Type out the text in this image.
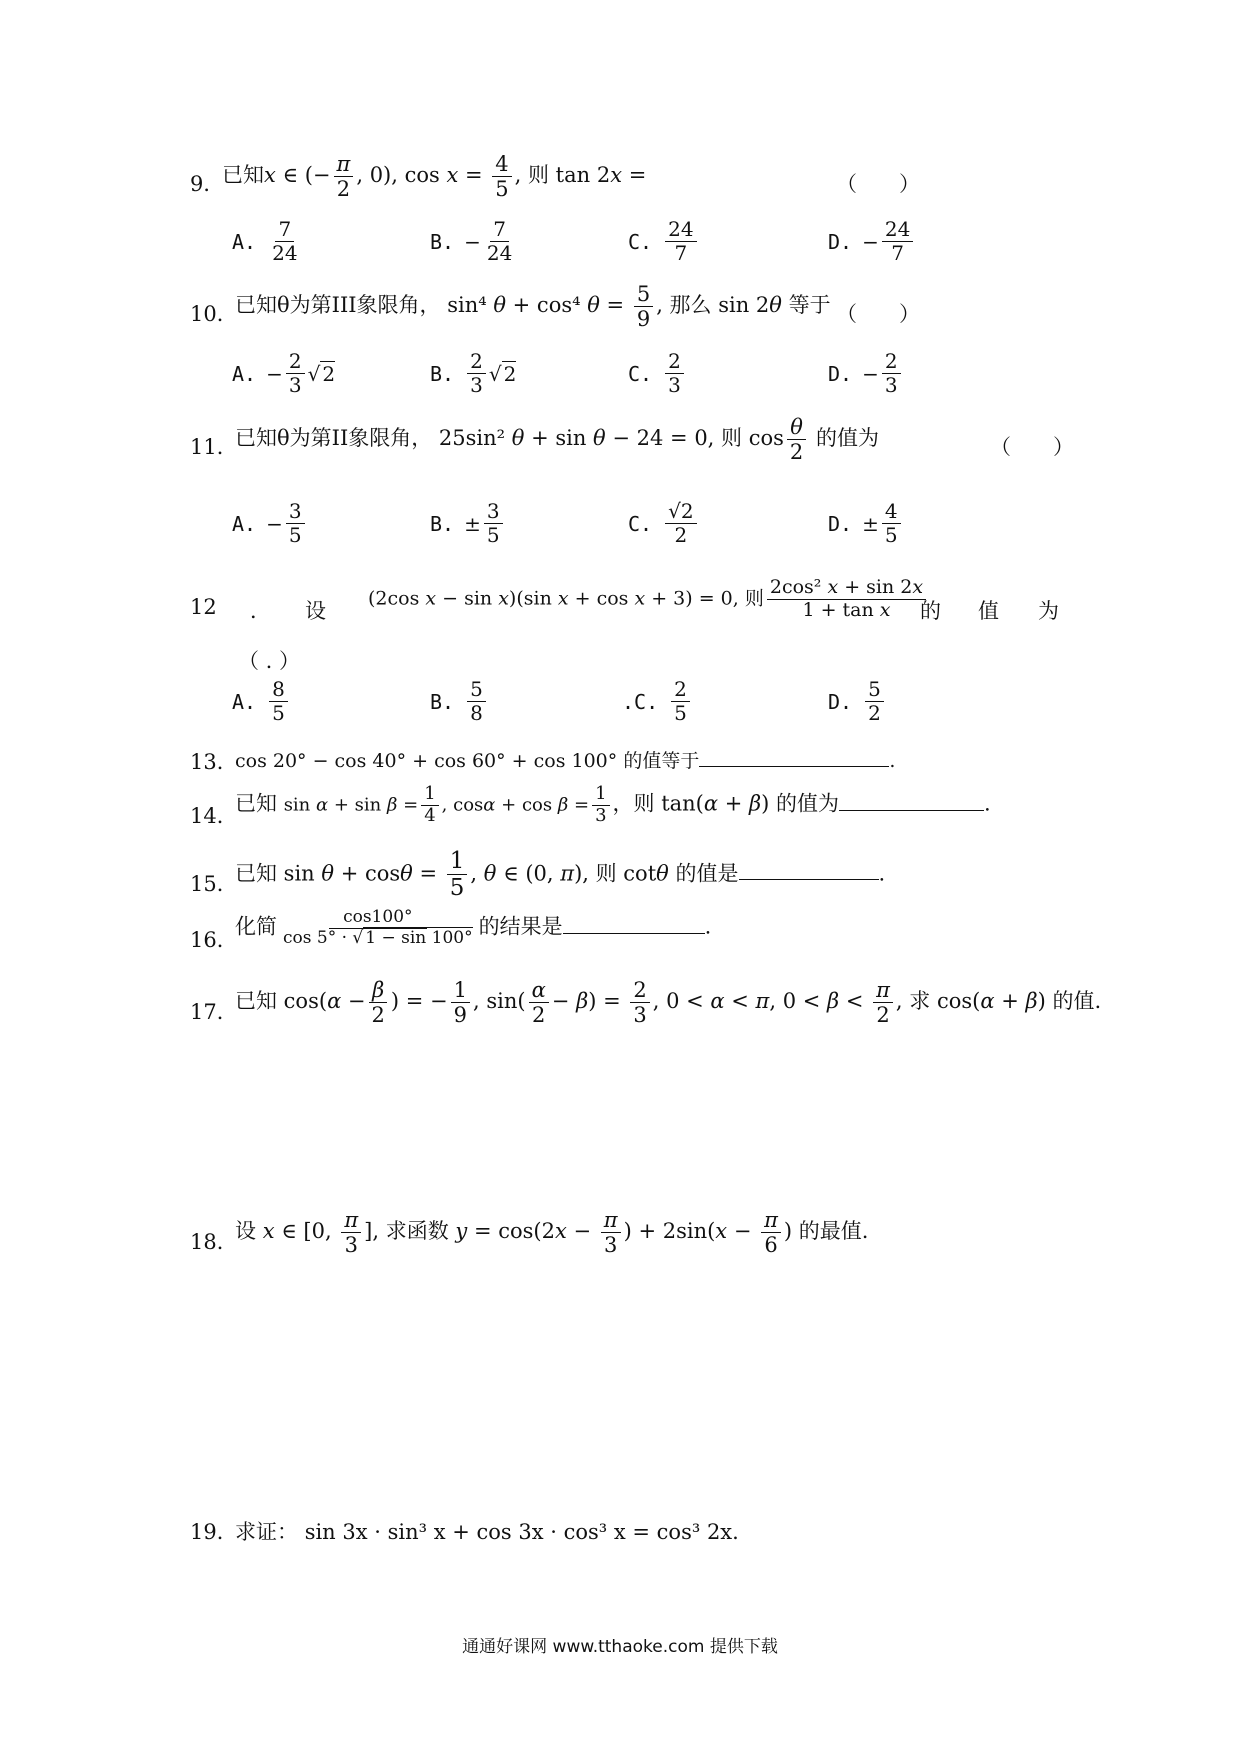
9．
已知x ∈ (− $\frac{\pi}{2}$ , 0), $\cos x = \frac{4}{5}$ , 则 tan 2x =	（　　）
A. $\frac{7}{24}$	B. − $\frac{7}{24}$	C. $\frac{24}{7}$	D. − $\frac{24}{7}$
10．
已知θ为第III象限角， sin⁴ θ + cos⁴ $\theta = \frac{5}{9}$ , 那么 sin 2θ 等于 （　　）
A. − $\frac{2}{3}$ √ 2	B. $\frac{2}{3}$ √ 2	C. $\frac{2}{3}$	D. − $\frac{2}{3}$
11．
已知θ为第II象限角， 25sin² θ + sin θ − 24 = 0, 则 $\cos \frac{\theta}{2}$ 的值为	（　　）
A. − $\frac{3}{5}$	B. ± $\frac{3}{5}$	C. $\frac{√2}{2}$	D. ± $\frac{4}{5}$
12 ． 设
(2cos x − sin x)(sin x + cos x + 3) = 0, 则 $\frac{\text{2cos² x + sin 2x}}{\text{1 + tan x}}$
的 值 为
（ . ）
A. $\frac{8}{5}$	B. $\frac{5}{8}$	.C. $\frac{2}{5}$	D. $\frac{5}{2}$
13．
cos 20° − cos 40° + cos 60° + cos 100° 的值等于	.
14．
已知 $\sin \alpha + \sin \beta = \frac{1}{4}$ , $\cos\alpha + \cos \beta = \frac{1}{3}$ ，则 tan(α + β) 的值为	.
15．
已知 $\sin \theta + \cos\theta = \frac{1}{5}$ , θ ∈ (0, π), 则 cotθ 的值是	.
16．
化简 $\frac{\cos 100^\circ}{\cos 5^\circ \cdot √ 1 - \sin 100^\circ}$ 的结果是	.
17．
已知 $\cos(\alpha - \frac{\beta}{2}$ ) = − $\frac{1}{9}$ , $\sin( \frac{\alpha}{2} - \beta) = \frac{2}{3}$ , 0 < α < π, $0 < \beta < \frac{\pi}{2}$ , 求 cos(α + β) 的值.
18．
设 x ∈ [0, $\frac{\pi}{3}$ ], 求函数 $y = \cos(2x - \frac{\pi}{3}$ ) + $2\sin(x - \frac{\pi}{6}$ ) 的最值.
19．
求证： sin 3x · sin³ x + cos 3x · cos³ x = cos³ 2x.
通通好课网 www.tthaoke.com 提供下载
